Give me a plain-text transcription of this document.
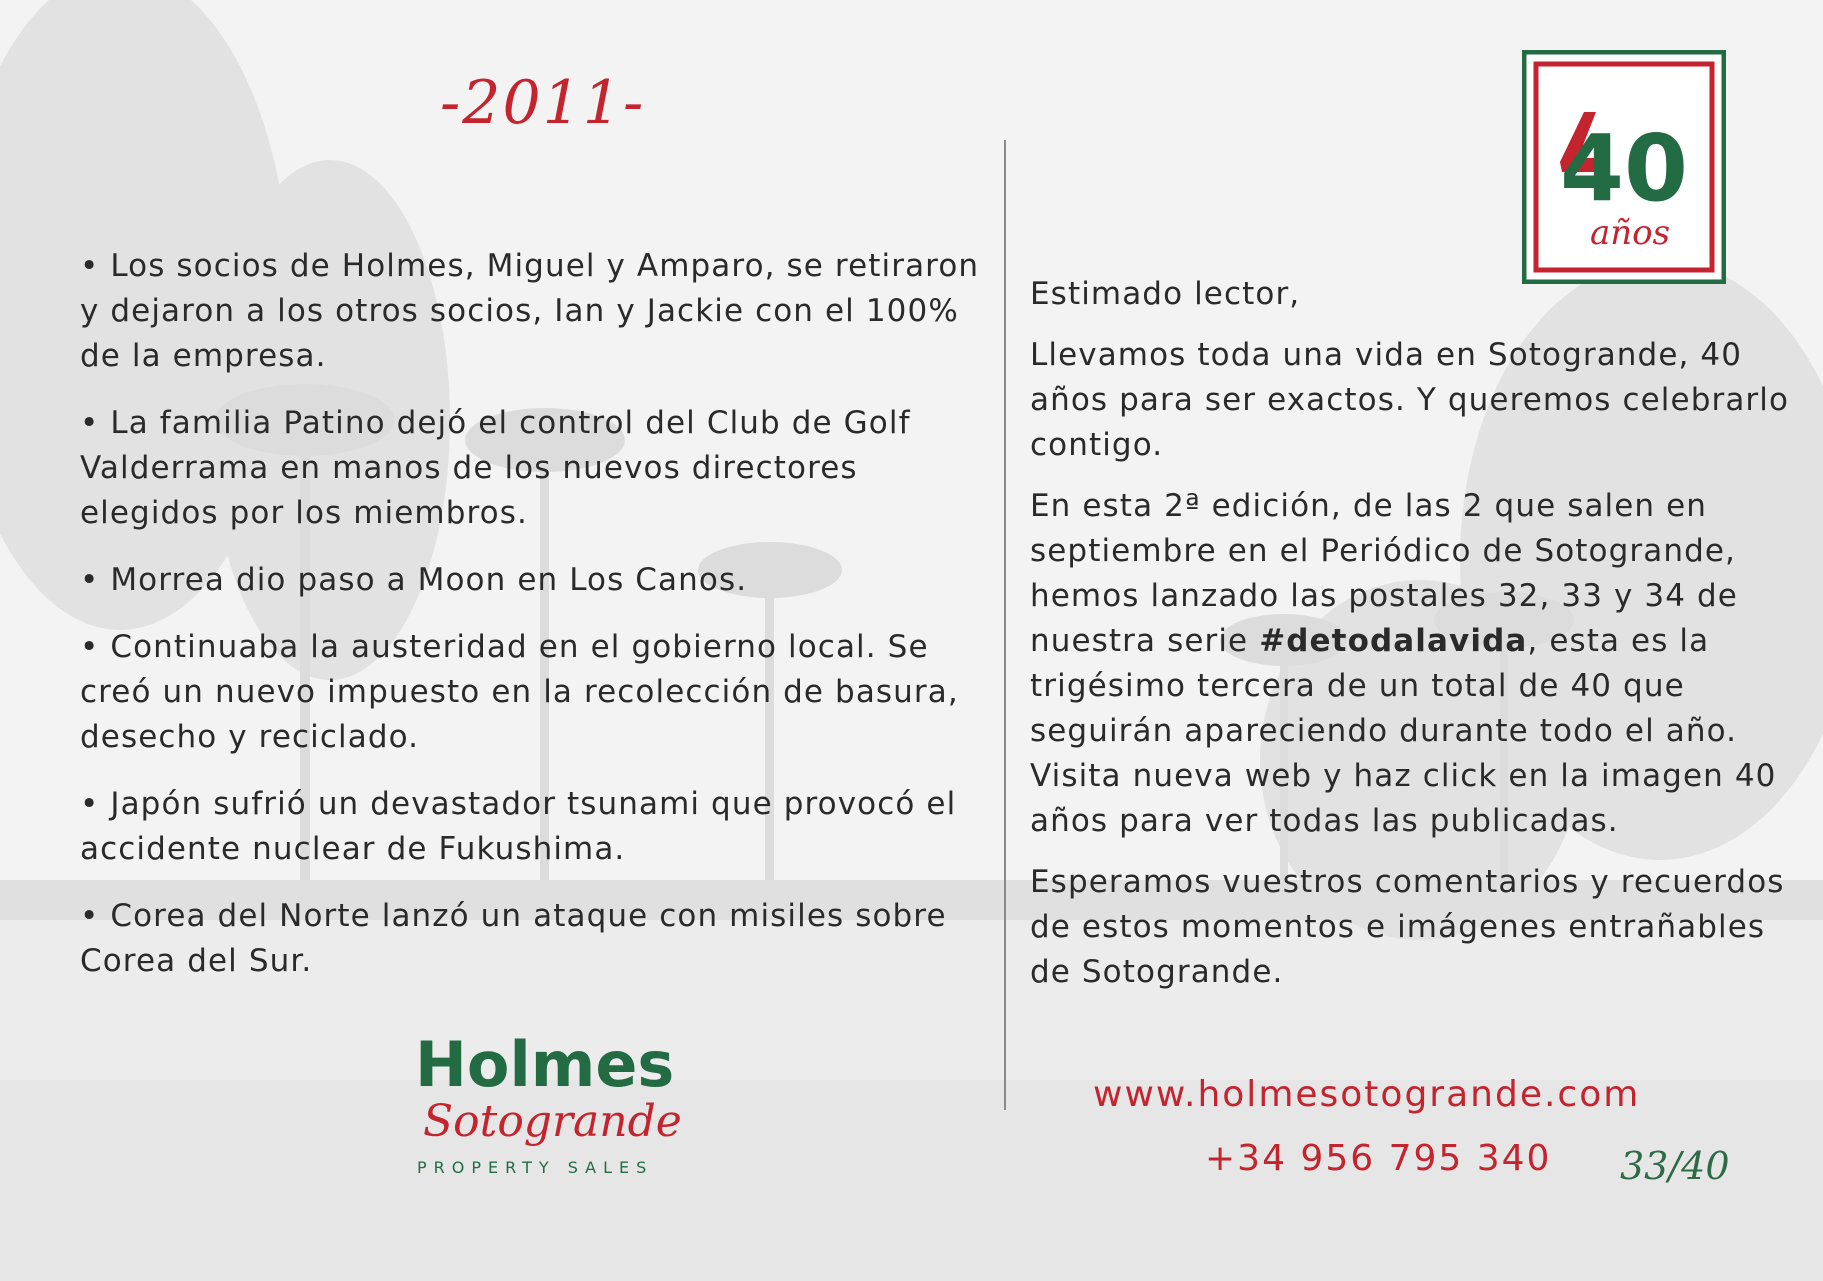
-2011-

• Los socios de Holmes, Miguel y Amparo, se retiraron y dejaron a los otros socios, Ian y Jackie con el 100% de la empresa.

• La familia Patino dejó el control del Club de Golf Valderrama en manos de los nuevos directores elegidos por los miembros.

• Morrea dio paso a Moon en Los Canos.

• Continuaba la austeridad en el gobierno local. Se creó un nuevo impuesto en la recolección de basura, desecho y reciclado.

• Japón sufrió un devastador tsunami que provocó el accidente nuclear de Fukushima.

• Corea del Norte lanzó un ataque con misiles sobre Corea del Sur.

40
años

Estimado lector,

Llevamos toda una vida en Sotogrande, 40 años para ser exactos. Y queremos celebrarlo contigo.

En esta 2ª edición, de las 2 que salen en septiembre en el Periódico de Sotogrande, hemos lanzado las postales 32, 33 y 34 de nuestra serie #detodalavida, esta es la trigésimo tercera de un total de 40 que seguirán apareciendo durante todo el año. Visita nueva web y haz click en la imagen 40 años para ver todas las publicadas.

Esperamos vuestros comentarios y recuerdos de estos momentos e imágenes entrañables de Sotogrande.

www.holmesotogrande.com
+34 956 795 340 33/40
Holmes
Sotogrande
PROPERTY SALES
